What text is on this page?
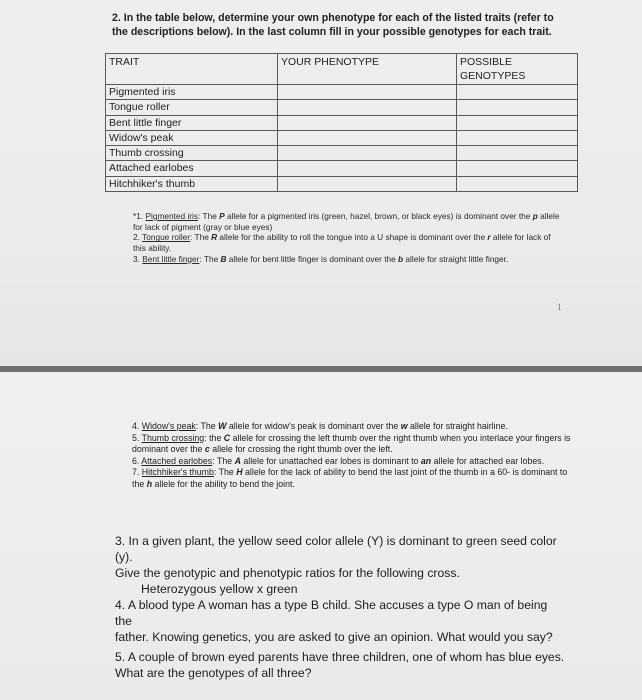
2. In the table below, determine your own phenotype for each of the listed traits (refer to
the descriptions below). In the last column fill in your possible genotypes for each trait.
TRAIT	YOUR PHENOTYPE	POSSIBLE GENOTYPES
Pigmented iris		
Tongue roller		
Bent little finger		
Widow's peak		
Thumb crossing		
Attached earlobes		
Hitchhiker's thumb		

*1. Pigmented iris: The P allele for a pigmented iris (green, hazel, brown, or black eyes) is dominant over the p allele for lack of pigment (gray or blue eyes)

2. Tongue roller: The R allele for the ability to roll the tongue into a U shape is dominant over the r allele for lack of this ability.

3. Bent little finger: The B allele for bent little finger is dominant over the b allele for straight little finger.

1

4. Widow's peak: The W allele for widow's peak is dominant over the w allele for straight hairline.

5. Thumb crossing: the C allele for crossing the left thumb over the right thumb when you interlace your fingers is dominant over the c allele for crossing the right thumb over the left.

6. Attached earlobes: The A allele for unattached ear lobes is dominant to an allele for attached ear lobes.

7. Hitchhiker's thumb: The H allele for the lack of ability to bend the last joint of the thumb in a 60- is dominant to the h allele for the ability to bend the joint.

3. In a given plant, the yellow seed color allele (Y) is dominant to green seed color (y).

Give the genotypic and phenotypic ratios for the following cross.

Heterozygous yellow x green

4. A blood type A woman has a type B child. She accuses a type O man of being the

father. Knowing genetics, you are asked to give an opinion. What would you say?

5. A couple of brown eyed parents have three children, one of whom has blue eyes.

What are the genotypes of all three?
